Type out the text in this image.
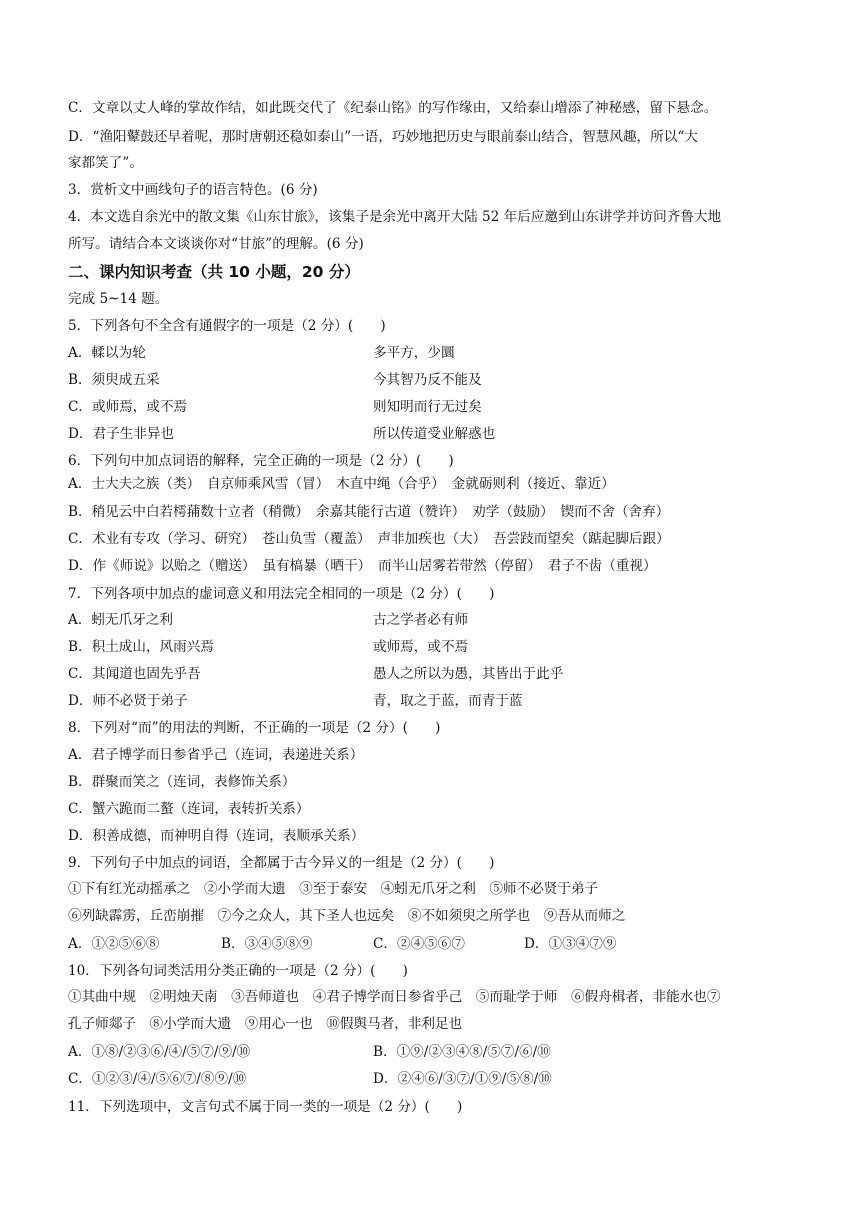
C．文章以丈人峰的掌故作结，如此既交代了《纪泰山铭》的写作缘由，又给泰山增添了神秘感，留下悬念。
D．“渔阳鼙鼓还早着呢，那时唐朝还稳如泰山”一语，巧妙地把历史与眼前泰山结合，智慧风趣，所以“大
家都笑了”。
3．赏析文中画线句子的语言特色。(6 分)
4．本文选自余光中的散文集《山东甘旅》，该集子是余光中离开大陆 52 年后应邀到山东讲学并访问齐鲁大地
所写。请结合本文谈谈你对“甘旅”的理解。(6 分)
二、课内知识考查（共 10 小题，20 分）
完成 5~14 题。
5．下列各句不全含有通假字的一项是（2 分）(　　)
A．輮以为轮	多平方，少圜
B．须臾成五采	今其智乃反不能及
C．或师焉，或不焉	则知明而行无过矣
D．君子生非异也	所以传道受业解惑也
6．下列句中加点词语的解释，完全正确的一项是（2 分）(　　)
A．士大夫之族（类）　自京师乘风雪（冒）　木直中绳（合乎）　金就砺则利（接近、靠近）
B．稍见云中白若樗蒱数十立者（稍微）　余嘉其能行古道（赞许）　劝学（鼓励）　锲而不舍（舍弃）
C．术业有专攻（学习、研究）　苍山负雪（覆盖）　声非加疾也（大）　吾尝跂而望矣（踮起脚后跟）
D．作《师说》以贻之（赠送）　虽有槁暴（晒干）　而半山居雾若带然（停留）　君子不齿（重视）
7．下列各项中加点的虚词意义和用法完全相同的一项是（2 分）(　　)
A．蚓无爪牙之利	古之学者必有师
B．积土成山，风雨兴焉	或师焉，或不焉
C．其闻道也固先乎吾	愚人之所以为愚，其皆出于此乎
D．师不必贤于弟子	青，取之于蓝，而青于蓝
8．下列对“而”的用法的判断，不正确的一项是（2 分）(　　)
A．君子博学而日参省乎己（连词，表递进关系）
B．群聚而笑之（连词，表修饰关系）
C．蟹六跪而二螯（连词，表转折关系）
D．积善成德，而神明自得（连词，表顺承关系）
9．下列句子中加点的词语，全都属于古今异义的一组是（2 分）(　　)
①下有红光动摇承之　②小学而大遗　③至于泰安　④蚓无爪牙之利　⑤师不必贤于弟子
⑥列缺霹雳，丘峦崩摧　⑦今之众人，其下圣人也远矣　⑧不如须臾之所学也　⑨吾从而师之
A．①②⑤⑥⑧	B．③④⑤⑧⑨	C．②④⑤⑥⑦	D．①③④⑦⑨
10．下列各句词类活用分类正确的一项是（2 分）(　　)
①其曲中规　②明烛天南　③吾师道也　④君子博学而日参省乎己　⑤而耻学于师　⑥假舟楫者，非能水也⑦
孔子师郯子　⑧小学而大遗　⑨用心一也　⑩假舆马者，非利足也
A．①⑧/②③⑥/④/⑤⑦/⑨/⑩	B．①⑨/②③④⑧/⑤⑦/⑥/⑩
C．①②③/④/⑤⑥⑦/⑧⑨/⑩	D．②④⑥/③⑦/①⑨/⑤⑧/⑩
11．下列选项中，文言句式不属于同一类的一项是（2 分）(　　)
